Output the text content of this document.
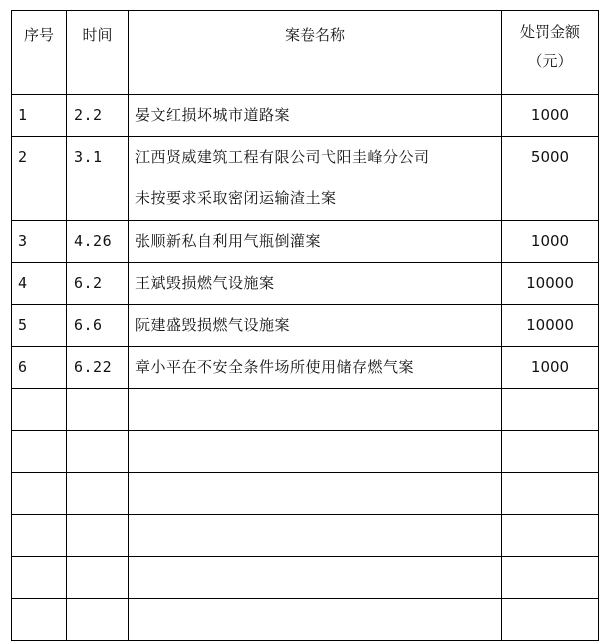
序号	时间	案卷名称	处罚金额
（元）

1	2.2	晏文红损坏城市道路案	1000
2	3.1	江西贤威建筑工程有限公司弋阳圭峰分公司
未按要求采取密闭运输渣土案	5000
3	4.26	张顺新私自利用气瓶倒灌案	1000
4	6.2	王斌毁损燃气设施案	10000
5	6.6	阮建盛毁损燃气设施案	10000
6	6.22	章小平在不安全条件场所使用储存燃气案	1000
